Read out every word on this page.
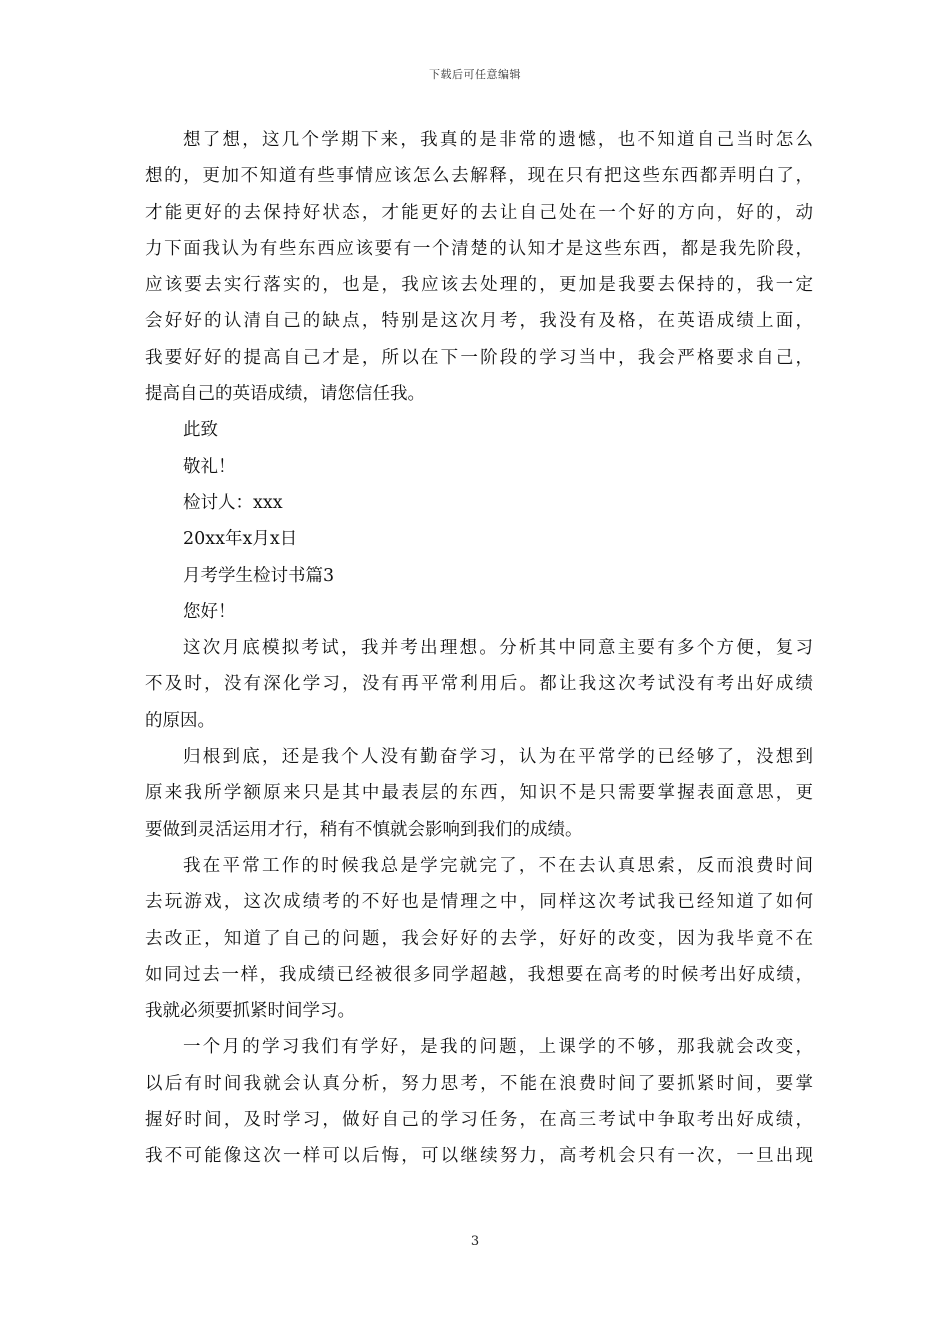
下载后可任意编辑
想了想，这几个学期下来，我真的是非常的遗憾，也不知道自己当时怎么
想的，更加不知道有些事情应该怎么去解释，现在只有把这些东西都弄明白了，
才能更好的去保持好状态，才能更好的去让自己处在一个好的方向，好的，动
力下面我认为有些东西应该要有一个清楚的认知才是这些东西，都是我先阶段，
应该要去实行落实的，也是，我应该去处理的，更加是我要去保持的，我一定
会好好的认清自己的缺点，特别是这次月考，我没有及格，在英语成绩上面，
我要好好的提高自己才是，所以在下一阶段的学习当中，我会严格要求自己，
提高自己的英语成绩，请您信任我。
此致
敬礼！
检讨人：xxx
20xx年x月x日
月考学生检讨书篇3
您好！
这次月底模拟考试，我并考出理想。分析其中同意主要有多个方便，复习
不及时，没有深化学习，没有再平常利用后。都让我这次考试没有考出好成绩
的原因。
归根到底，还是我个人没有勤奋学习，认为在平常学的已经够了，没想到
原来我所学额原来只是其中最表层的东西，知识不是只需要掌握表面意思，更
要做到灵活运用才行，稍有不慎就会影响到我们的成绩。
我在平常工作的时候我总是学完就完了，不在去认真思索，反而浪费时间
去玩游戏，这次成绩考的不好也是情理之中，同样这次考试我已经知道了如何
去改正，知道了自己的问题，我会好好的去学，好好的改变，因为我毕竟不在
如同过去一样，我成绩已经被很多同学超越，我想要在高考的时候考出好成绩，
我就必须要抓紧时间学习。
一个月的学习我们有学好，是我的问题，上课学的不够，那我就会改变，
以后有时间我就会认真分析，努力思考，不能在浪费时间了要抓紧时间，要掌
握好时间，及时学习，做好自己的学习任务，在高三考试中争取考出好成绩，
我不可能像这次一样可以后悔，可以继续努力，高考机会只有一次，一旦出现
3
